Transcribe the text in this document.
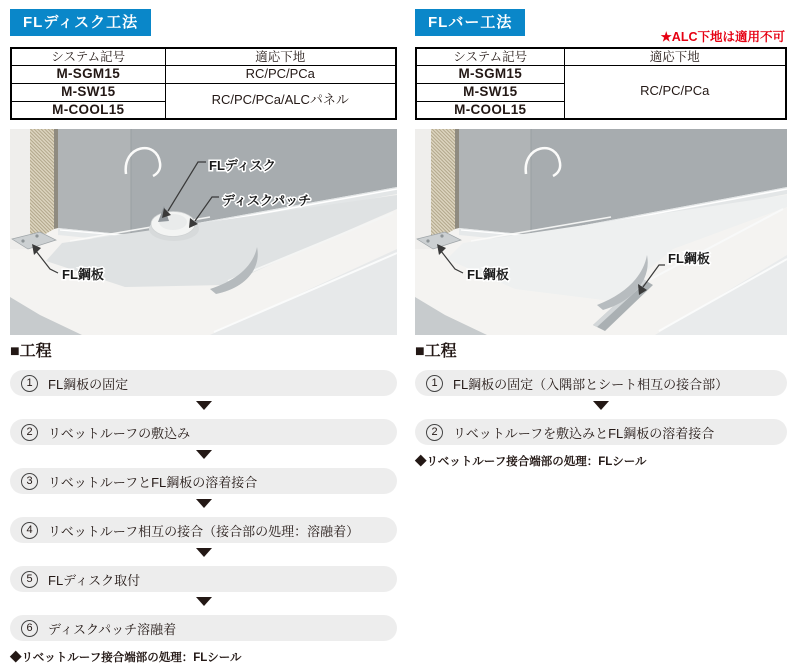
FLディスク工法
システム記号	適応下地
M-SGM15	RC/PC/PCa
M-SW15	RC/PC/PCa/ALCパネル
M-COOL15	
FLディスク
ディスクパッチ
FL鋼板
■工程
1	FL鋼板の固定
2	リベットルーフの敷込み
3	リベットルーフとFL鋼板の溶着接合
4	リベットルーフ相互の接合（接合部の処理：溶融着）
5	FLディスク取付
6	ディスクパッチ溶融着
◆リベットルーフ接合端部の処理：FLシール
FLバー工法
★ALC下地は適用不可
システム記号	適応下地
M-SGM15	RC/PC/PCa
M-SW15	
M-COOL15	
FL鋼板
FL鋼板
■工程
1	FL鋼板の固定（入隅部とシート相互の接合部）
2	リベットルーフを敷込みとFL鋼板の溶着接合
◆リベットルーフ接合端部の処理：FLシール
